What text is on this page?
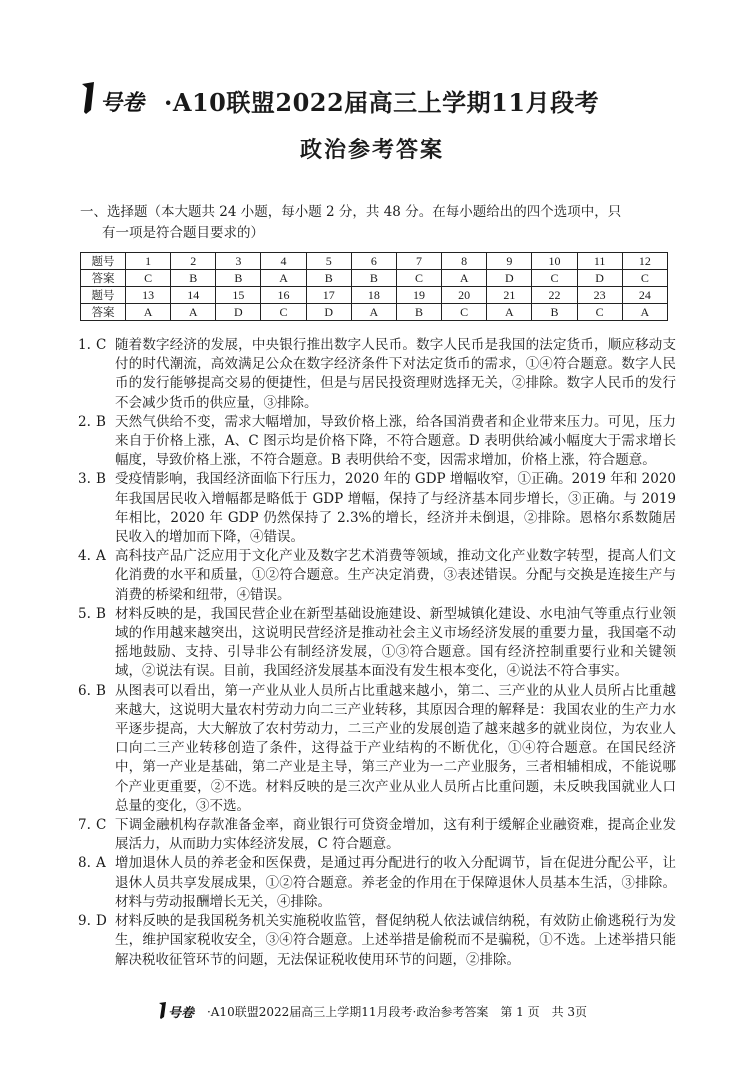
号卷 ·A10联盟2022届高三上学期11月段考
政治参考答案
一、选择题（本大题共 24 小题，每小题 2 分，共 48 分。在每小题给出的四个选项中，只
有一项是符合题目要求的）
题号	1	2	3	4	5	6	7	8	9	10	11	12
答案	C	B	B	A	B	B	C	A	D	C	D	C
题号	13	14	15	16	17	18	19	20	21	22	23	24
答案	A	A	D	C	D	A	B	C	A	B	C	A
1. C 随着数字经济的发展，中央银行推出数字人民币。数字人民币是我国的法定货币，顺应移动支付的时代潮流，高效满足公众在数字经济条件下对法定货币的需求，①④符合题意。数字人民币的发行能够提高交易的便捷性，但是与居民投资理财选择无关，②排除。数字人民币的发行不会减少货币的供应量，③排除。
2. B 天然气供给不变，需求大幅增加，导致价格上涨，给各国消费者和企业带来压力。可见，压力来自于价格上涨，A、C 图示均是价格下降，不符合题意。D 表明供给减小幅度大于需求增长幅度，导致价格上涨，不符合题意。B 表明供给不变，因需求增加，价格上涨，符合题意。
3. B 受疫情影响，我国经济面临下行压力，2020 年的 GDP 增幅收窄，①正确。2019 年和 2020 年我国居民收入增幅都是略低于 GDP 增幅，保持了与经济基本同步增长，③正确。与 2019 年相比，2020 年 GDP 仍然保持了 2.3%的增长，经济并未倒退，②排除。恩格尔系数随居民收入的增加而下降，④错误。
4. A 高科技产品广泛应用于文化产业及数字艺术消费等领域，推动文化产业数字转型，提高人们文化消费的水平和质量，①②符合题意。生产决定消费，③表述错误。分配与交换是连接生产与消费的桥梁和纽带，④错误。
5. B 材料反映的是，我国民营企业在新型基础设施建设、新型城镇化建设、水电油气等重点行业领域的作用越来越突出，这说明民营经济是推动社会主义市场经济发展的重要力量，我国毫不动摇地鼓励、支持、引导非公有制经济发展，①③符合题意。国有经济控制重要行业和关键领域，②说法有误。目前，我国经济发展基本面没有发生根本变化，④说法不符合事实。
6. B 从图表可以看出，第一产业从业人员所占比重越来越小，第二、三产业的从业人员所占比重越来越大，这说明大量农村劳动力向二三产业转移，其原因合理的解释是：我国农业的生产力水平逐步提高，大大解放了农村劳动力，二三产业的发展创造了越来越多的就业岗位，为农业人口向二三产业转移创造了条件，这得益于产业结构的不断优化，①④符合题意。在国民经济中，第一产业是基础，第二产业是主导，第三产业为一二产业服务，三者相辅相成，不能说哪个产业更重要，②不选。材料反映的是三次产业从业人员所占比重问题，未反映我国就业人口总量的变化，③不选。
7. C 下调金融机构存款准备金率，商业银行可贷资金增加，这有利于缓解企业融资难，提高企业发展活力，从而助力实体经济发展，C 符合题意。
8. A 增加退休人员的养老金和医保费，是通过再分配进行的收入分配调节，旨在促进分配公平，让退休人员共享发展成果，①②符合题意。养老金的作用在于保障退休人员基本生活，③排除。材料与劳动报酬增长无关，④排除。
9. D 材料反映的是我国税务机关实施税收监管，督促纳税人依法诚信纳税，有效防止偷逃税行为发生，维护国家税收安全，③④符合题意。上述举措是偷税而不是骗税，①不选。上述举措只能解决税收征管环节的问题，无法保证税收使用环节的问题，②排除。
号卷 ·A10联盟2022届高三上学期11月段考·政治参考答案　第 1 页　共 3页
